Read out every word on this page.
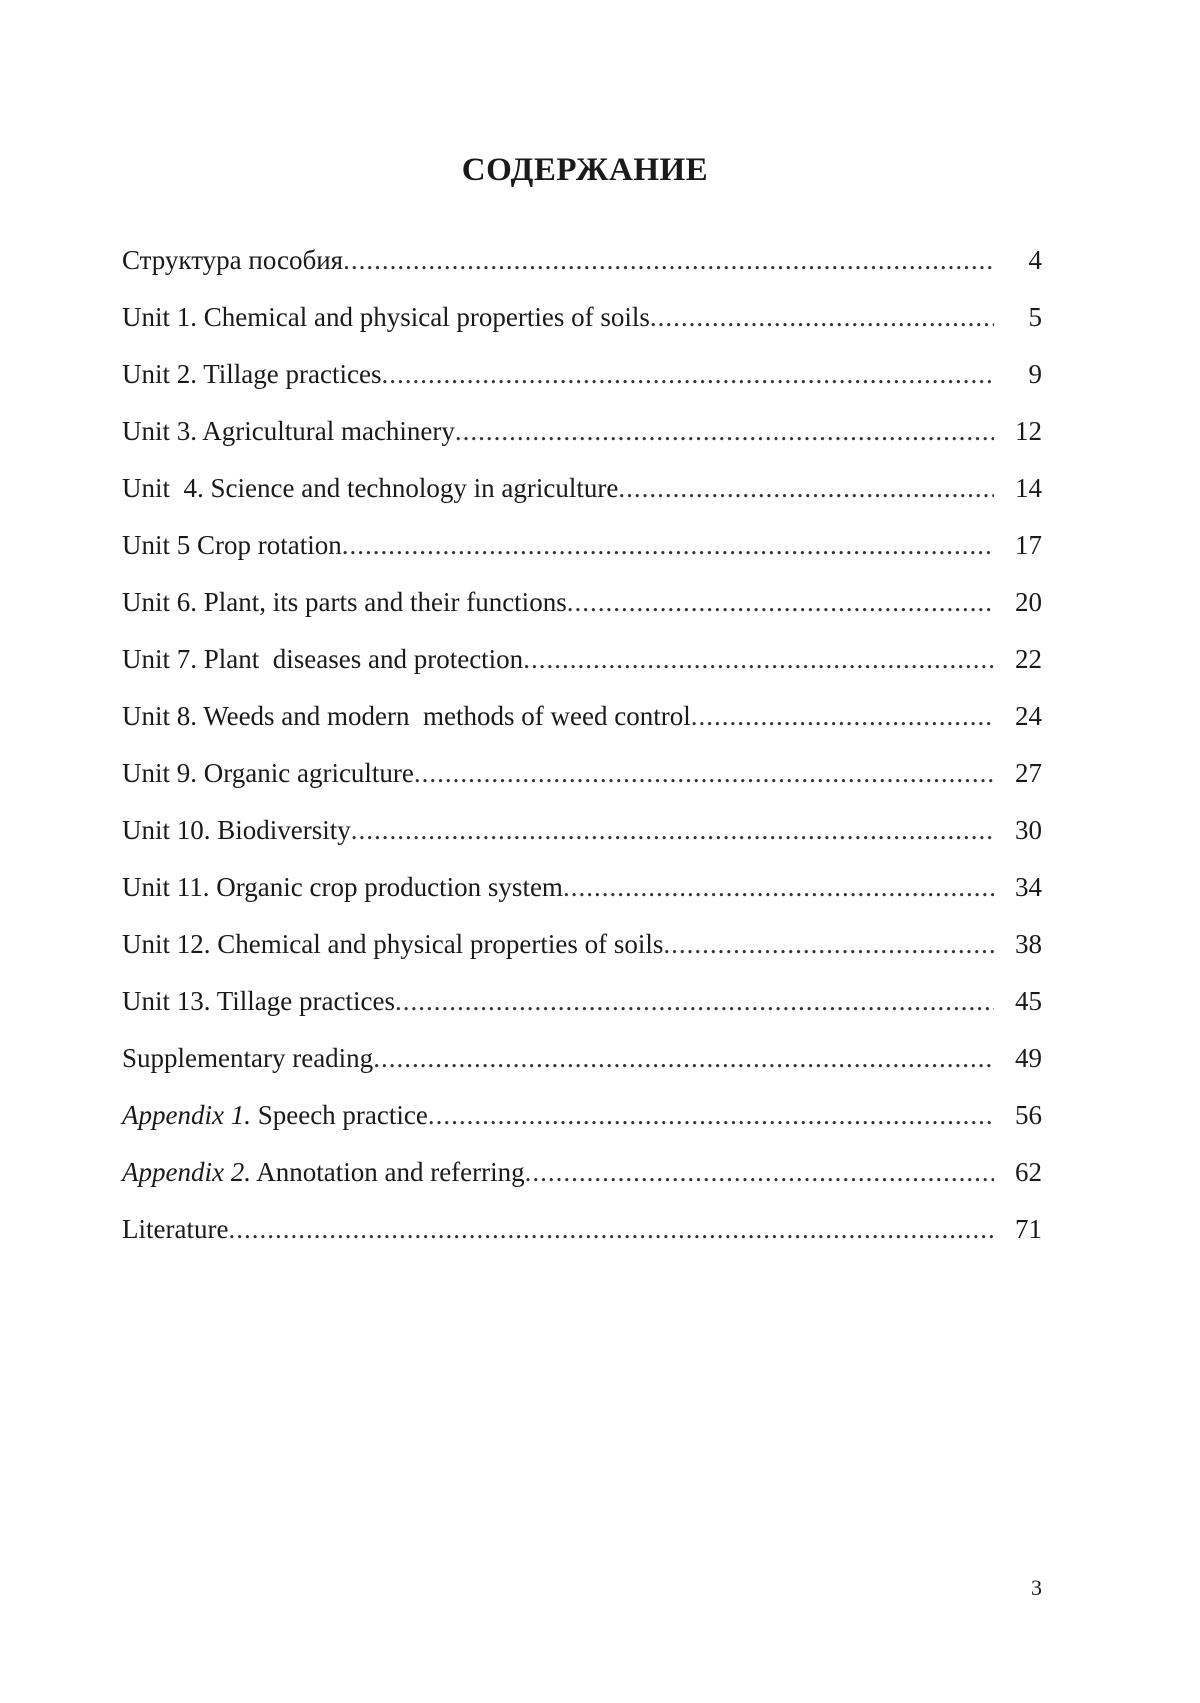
СОДЕРЖАНИЕ
Структура пособия .....	4
Unit 1. Chemical and physical properties of soils .....	5
Unit 2. Tillage practices .....	9
Unit 3. Agricultural machinery .....	12
Unit  4. Science and technology in agriculture .....	14
Unit 5 Crop rotation .....	17
Unit 6. Plant, its parts and their functions .....	20
Unit 7. Plant  diseases and protection .....	22
Unit 8. Weeds and modern  methods of weed control .....	24
Unit 9. Organic agriculture .....	27
Unit 10. Biodiversity .....	30
Unit 11. Organic crop production system .....	34
Unit 12. Chemical and physical properties of soils .....	38
Unit 13. Tillage practices .....	45
Supplementary reading .....	49
Appendix 1. Speech practice .....	56
Appendix 2. Annotation and referring .....	62
Literature .....	71
3
